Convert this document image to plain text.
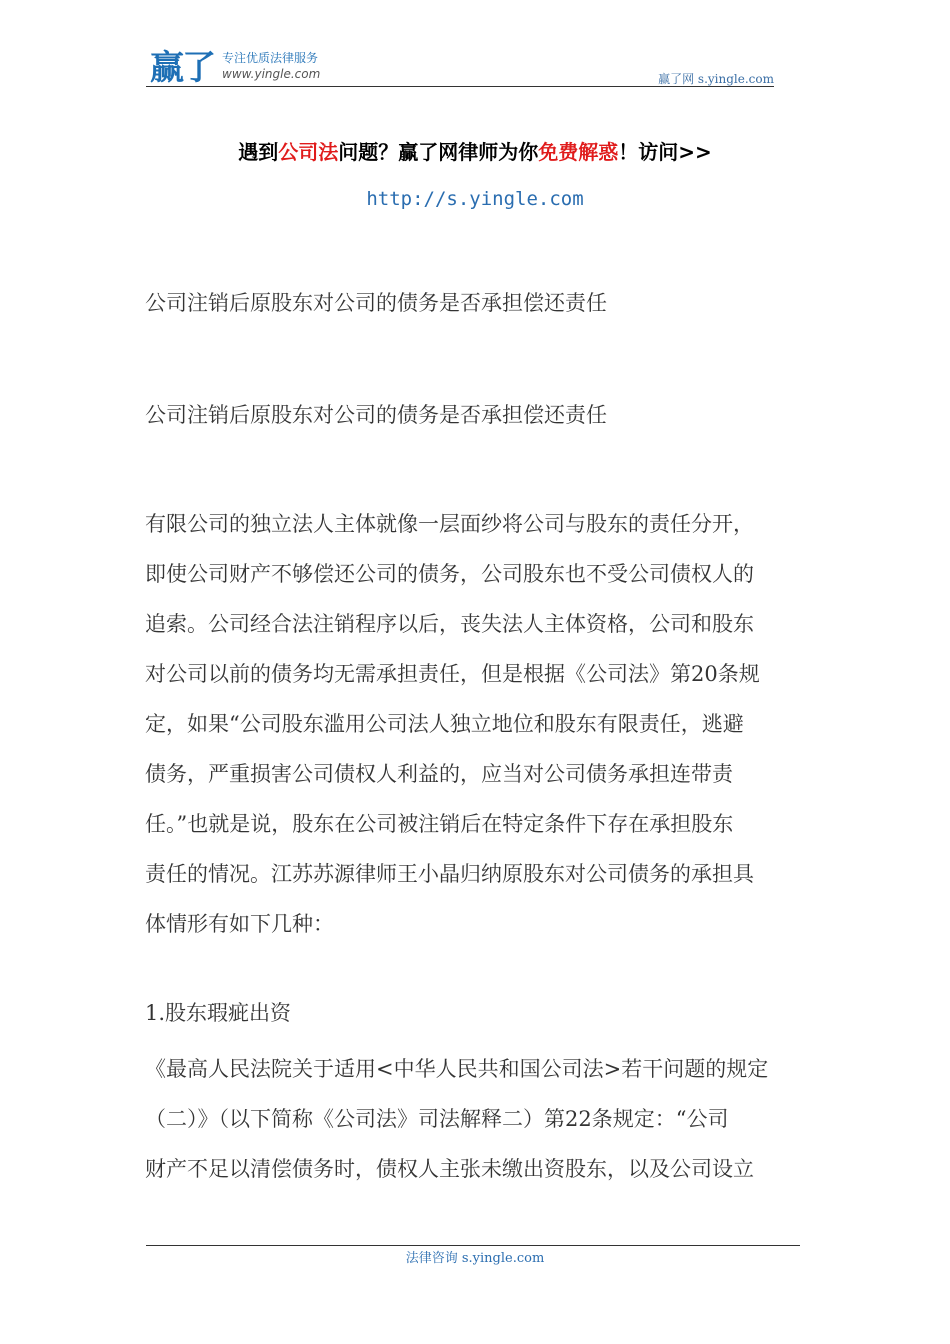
赢了 专注优质法律服务
www.yingle.com	赢了网 s.yingle.com
遇到公司法问题？赢了网律师为你免费解惑！访问>>
http://s.yingle.com
公司注销后原股东对公司的债务是否承担偿还责任
公司注销后原股东对公司的债务是否承担偿还责任
有限公司的独立法人主体就像一层面纱将公司与股东的责任分开，
即使公司财产不够偿还公司的债务，公司股东也不受公司债权人的
追索。公司经合法注销程序以后，丧失法人主体资格，公司和股东
对公司以前的债务均无需承担责任，但是根据《公司法》第20条规
定，如果“公司股东滥用公司法人独立地位和股东有限责任，逃避
债务，严重损害公司债权人利益的，应当对公司债务承担连带责
任。”也就是说，股东在公司被注销后在特定条件下存在承担股东
责任的情况。江苏苏源律师王小晶归纳原股东对公司债务的承担具
体情形有如下几种：
1.股东瑕疵出资
《最高人民法院关于适用<中华人民共和国公司法>若干问题的规定
（二）》（以下简称《公司法》司法解释二）第22条规定：“公司
财产不足以清偿债务时，债权人主张未缴出资股东，以及公司设立
法律咨询 s.yingle.com
